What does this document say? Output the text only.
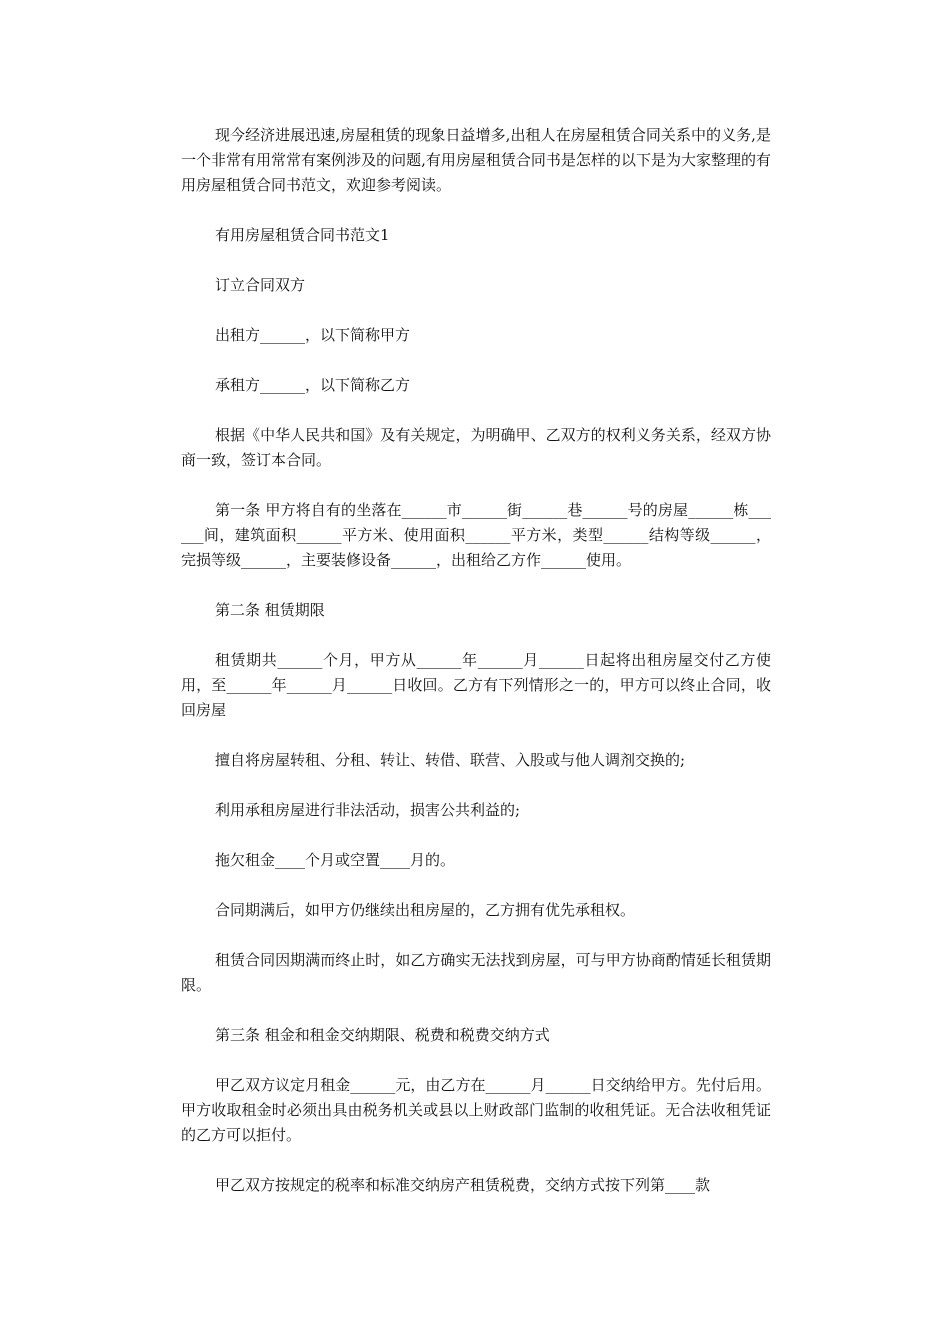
现今经济进展迅速,房屋租赁的现象日益增多,出租人在房屋租赁合同关系中的义务,是一个非常有用常常有案例涉及的问题,有用房屋租赁合同书是怎样的以下是为大家整理的有用房屋租赁合同书范文，欢迎参考阅读。

有用房屋租赁合同书范文1

订立合同双方

出租方______，以下简称甲方

承租方______，以下简称乙方

根据《中华人民共和国》及有关规定，为明确甲、乙双方的权利义务关系，经双方协商一致，签订本合同。

第一条 甲方将自有的坐落在______市______街______巷______号的房屋______栋______间，建筑面积______平方米、使用面积______平方米，类型______结构等级______，完损等级______，主要装修设备______，出租给乙方作______使用。

第二条 租赁期限

租赁期共______个月，甲方从______年______月______日起将出租房屋交付乙方使用，至______年______月______日收回。乙方有下列情形之一的，甲方可以终止合同，收回房屋

擅自将房屋转租、分租、转让、转借、联营、入股或与他人调剂交换的;

利用承租房屋进行非法活动，损害公共利益的;

拖欠租金____个月或空置____月的。

合同期满后，如甲方仍继续出租房屋的，乙方拥有优先承租权。

租赁合同因期满而终止时，如乙方确实无法找到房屋，可与甲方协商酌情延长租赁期限。

第三条 租金和租金交纳期限、税费和税费交纳方式

甲乙双方议定月租金______元，由乙方在______月______日交纳给甲方。先付后用。甲方收取租金时必须出具由税务机关或县以上财政部门监制的收租凭证。无合法收租凭证的乙方可以拒付。

甲乙双方按规定的税率和标准交纳房产租赁税费，交纳方式按下列第____款
